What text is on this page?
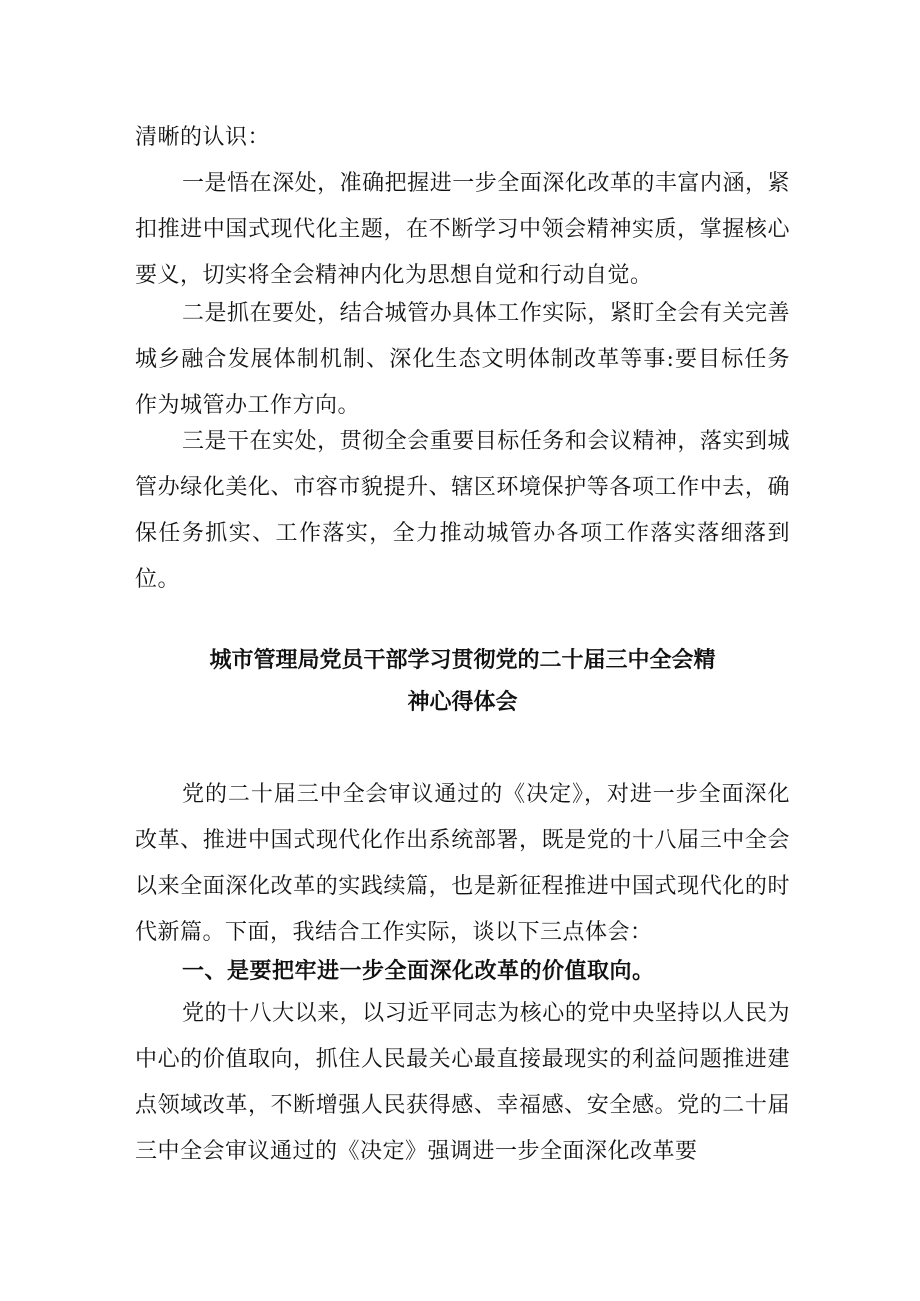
清晰的认识：

一是悟在深处，准确把握进一步全面深化改革的丰富内涵，紧扣推进中国式现代化主题，在不断学习中领会精神实质，掌握核心要义，切实将全会精神内化为思想自觉和行动自觉。

二是抓在要处，结合城管办具体工作实际，紧盯全会有关完善城乡融合发展体制机制、深化生态文明体制改革等事:要目标任务作为城管办工作方向。

三是干在实处，贯彻全会重要目标任务和会议精神，落实到城管办绿化美化、市容市貌提升、辖区环境保护等各项工作中去，确保任务抓实、工作落实，全力推动城管办各项工作落实落细落到位。

城市管理局党员干部学习贯彻党的二十届三中全会精
神心得体会

党的二十届三中全会审议通过的《决定》，对进一步全面深化改革、推进中国式现代化作出系统部署，既是党的十八届三中全会以来全面深化改革的实践续篇，也是新征程推进中国式现代化的时代新篇。下面，我结合工作实际，谈以下三点体会：

一、是要把牢进一步全面深化改革的价值取向。

党的十八大以来，以习近平同志为核心的党中央坚持以人民为中心的价值取向，抓住人民最关心最直接最现实的利益问题推进建点领域改革，不断增强人民获得感、幸福感、安全感。党的二十届三中全会审议通过的《决定》强调进一步全面深化改革要
